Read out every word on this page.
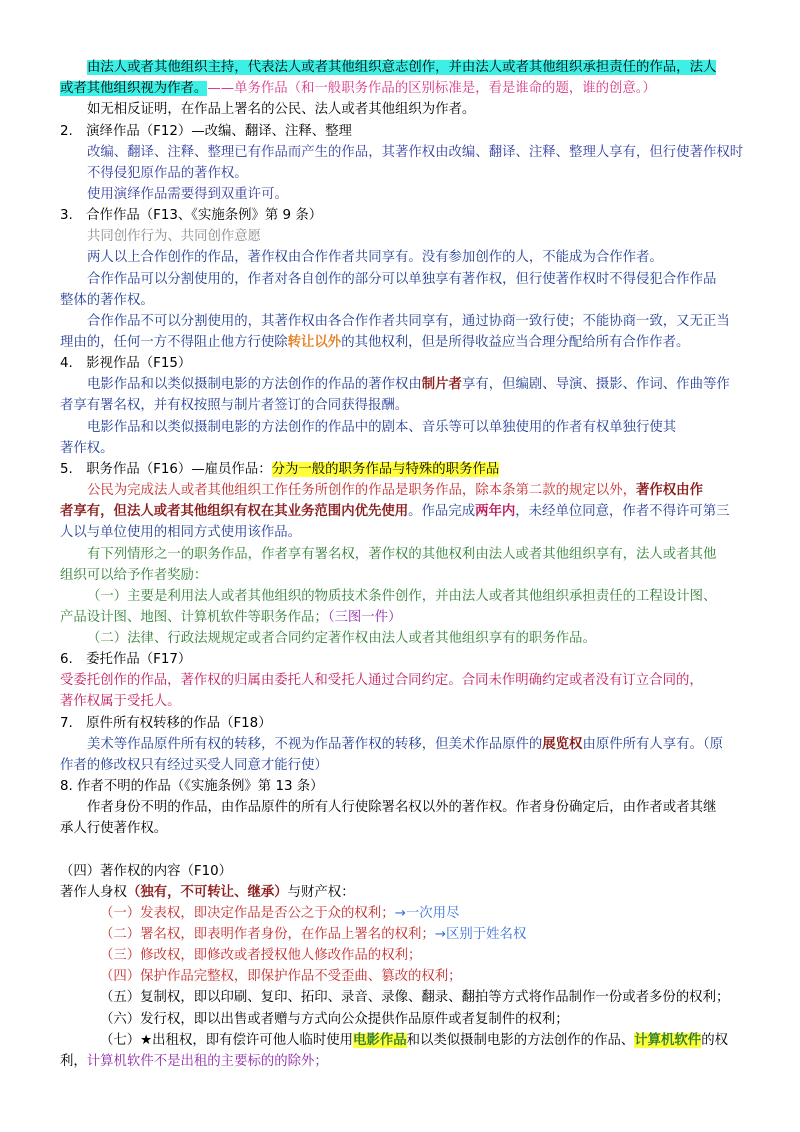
由法人或者其他组织主持，代表法人或者其他组织意志创作，并由法人或者其他组织承担责任的作品，法人
或者其他组织视为作者。——单务作品（和一般职务作品的区别标准是，看是谁命的题，谁的创意。）
如无相反证明，在作品上署名的公民、法人或者其他组织为作者。
2.　演绎作品（F12）—改编、翻译、注释、整理
改编、翻译、注释、整理已有作品而产生的作品，其著作权由改编、翻译、注释、整理人享有，但行使著作权时
不得侵犯原作品的著作权。
使用演绎作品需要得到双重许可。
3.　合作作品（F13、《实施条例》第 9 条）
共同创作行为、共同创作意愿
两人以上合作创作的作品，著作权由合作作者共同享有。没有参加创作的人，不能成为合作作者。
合作作品可以分割使用的，作者对各自创作的部分可以单独享有著作权，但行使著作权时不得侵犯合作作品
整体的著作权。
合作作品不可以分割使用的，其著作权由各合作作者共同享有，通过协商一致行使；不能协商一致，又无正当
理由的，任何一方不得阻止他方行使除转让以外的其他权利，但是所得收益应当合理分配给所有合作作者。
4.　影视作品（F15）
电影作品和以类似摄制电影的方法创作的作品的著作权由制片者享有，但编剧、导演、摄影、作词、作曲等作
者享有署名权，并有权按照与制片者签订的合同获得报酬。
电影作品和以类似摄制电影的方法创作的作品中的剧本、音乐等可以单独使用的作者有权单独行使其
著作权。
5.　职务作品（F16）—雇员作品：分为一般的职务作品与特殊的职务作品
公民为完成法人或者其他组织工作任务所创作的作品是职务作品，除本条第二款的规定以外，著作权由作
者享有，但法人或者其他组织有权在其业务范围内优先使用。作品完成两年内，未经单位同意，作者不得许可第三
人以与单位使用的相同方式使用该作品。
有下列情形之一的职务作品，作者享有署名权，著作权的其他权利由法人或者其他组织享有，法人或者其他
组织可以给予作者奖励：
（一）主要是利用法人或者其他组织的物质技术条件创作，并由法人或者其他组织承担责任的工程设计图、
产品设计图、地图、计算机软件等职务作品；（三图一件）
（二）法律、行政法规规定或者合同约定著作权由法人或者其他组织享有的职务作品。
6.　委托作品（F17）
受委托创作的作品，著作权的归属由委托人和受托人通过合同约定。合同未作明确约定或者没有订立合同的，
著作权属于受托人。
7.　原件所有权转移的作品（F18）
美术等作品原件所有权的转移，不视为作品著作权的转移，但美术作品原件的展览权由原件所有人享有。（原
作者的修改权只有经过买受人同意才能行使）
8. 作者不明的作品（《实施条例》第 13 条）
作者身份不明的作品，由作品原件的所有人行使除署名权以外的著作权。作者身份确定后，由作者或者其继
承人行使著作权。
（四）著作权的内容（F10）
著作人身权（独有，不可转让、继承）与财产权：
（一）发表权，即决定作品是否公之于众的权利；→一次用尽
（二）署名权，即表明作者身份，在作品上署名的权利；→区别于姓名权
（三）修改权，即修改或者授权他人修改作品的权利；
（四）保护作品完整权，即保护作品不受歪曲、篡改的权利；
（五）复制权，即以印刷、复印、拓印、录音、录像、翻录、翻拍等方式将作品制作一份或者多份的权利；
（六）发行权，即以出售或者赠与方式向公众提供作品原件或者复制件的权利；
（七）★出租权，即有偿许可他人临时使用电影作品和以类似摄制电影的方法创作的作品、计算机软件的权
利，计算机软件不是出租的主要标的的除外；
